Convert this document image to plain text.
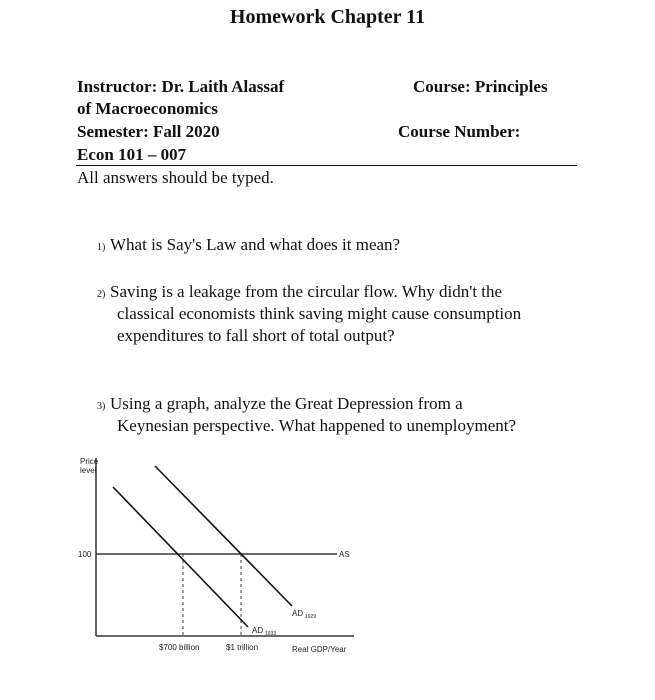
Homework Chapter 11
Instructor: Dr. Laith Alassaf	Course: Principles
of Macroeconomics
Semester: Fall 2020	Course Number:
Econ 101 – 007
All answers should be typed.
1) What is Say's Law and what does it mean?
2) Saving is a leakage from the circular flow. Why didn't the
classical economists think saving might cause consumption
expenditures to fall short of total output?
3) Using a graph, analyze the Great Depression from a
Keynesian perspective. What happened to unemployment?
Price
level
100	AS
AD 1929
AD 1933
$700 billion	$1 trillion	Real GDP/Year
